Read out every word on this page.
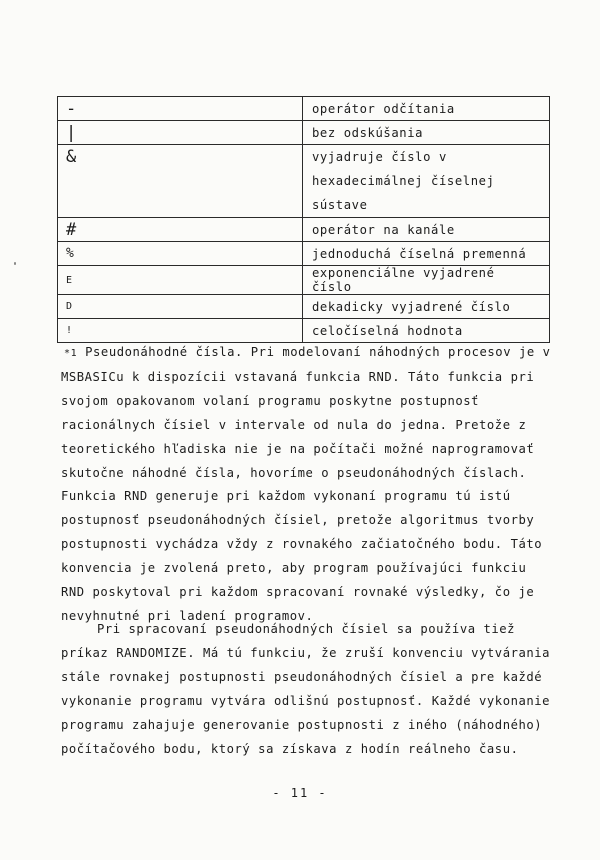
-	operátor odčítania
|	bez odskúšania
&	vyjadruje číslo v hexadecimálnej číselnej sústave
#	operátor na kanále
%	jednoduchá číselná premenná
E	exponenciálne vyjadrené číslo
D	dekadicky vyjadrené číslo
!	celočíselná hodnota

*1 Pseudonáhodné čísla. Pri modelovaní náhodných procesov je v MSBASICu k dispozícii vstavaná funkcia RND. Táto funkcia pri svojom opakovanom volaní programu poskytne postupnosť racionálnych čísiel v intervale od nula do jedna. Pretože z teoretického hľadiska nie je na počítači možné naprogramovať skutočne náhodné čísla, hovoríme o pseudonáhodných číslach. Funkcia RND generuje pri každom vykonaní programu tú istú postupnosť pseudonáhodných čísiel, pretože algoritmus tvorby postupnosti vychádza vždy z rovnakého začiatočného bodu. Táto konvencia je zvolená preto, aby program používajúci funkciu RND poskytoval pri každom spracovaní rovnaké výsledky, čo je nevyhnutné pri ladení programov.

Pri spracovaní pseudonáhodných čísiel sa používa tiež príkaz RANDOMIZE. Má tú funkciu, že zruší konvenciu vytvárania stále rovnakej postupnosti pseudonáhodných čísiel a pre každé vykonanie programu vytvára odlišnú postupnosť. Každé vykonanie programu zahajuje generovanie postupnosti z iného (náhodného) počítačového bodu, ktorý sa získava z hodín reálneho času.

- 11 -
